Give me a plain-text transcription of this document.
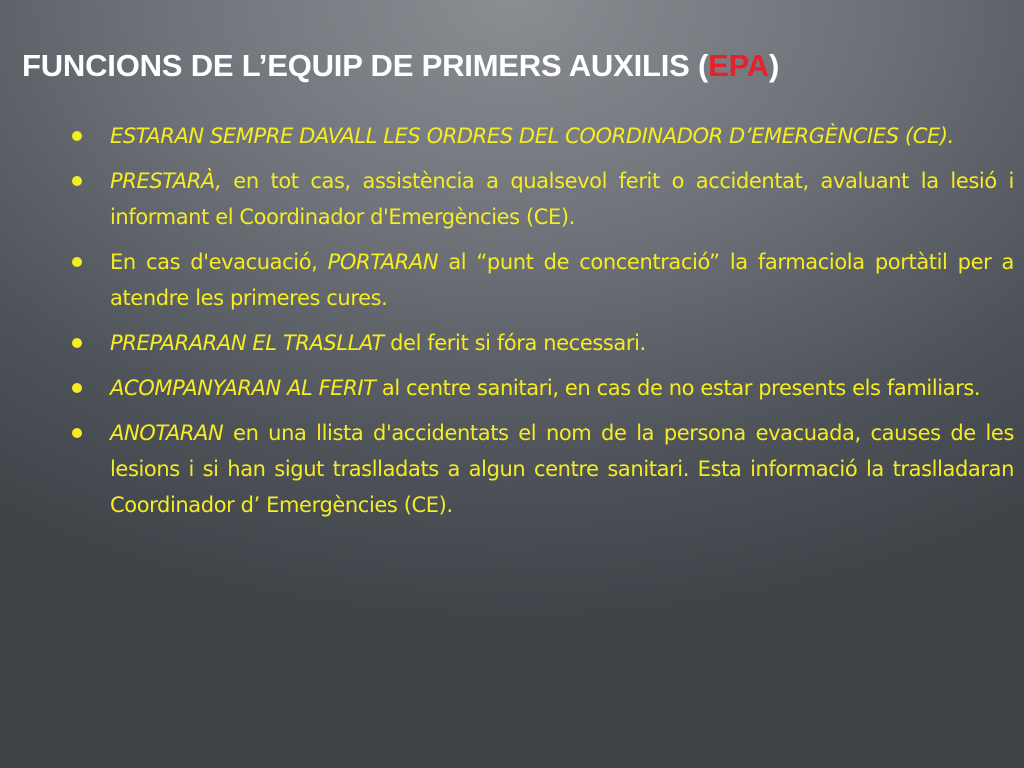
FUNCIONS DE L’EQUIP DE PRIMERS AUXILIS (EPA)
ESTARAN SEMPRE DAVALL LES ORDRES DEL COORDINADOR D’EMERGÈNCIES (CE).
PRESTARÀ, en tot cas, assistència a qualsevol ferit o accidentat, avaluant la lesió i informant el Coordinador d'Emergències (CE).
En cas d'evacuació, PORTARAN al “punt de concentració” la farmaciola portàtil per a atendre les primeres cures.
PREPARARAN EL TRASLLAT del ferit si fóra necessari.
ACOMPANYARAN AL FERIT al centre sanitari, en cas de no estar presents els familiars.
ANOTARAN en una llista d'accidentats el nom de la persona evacuada, causes de les lesions i si han sigut traslladats a algun centre sanitari. Esta informació la traslladaran Coordinador d’ Emergències (CE).
